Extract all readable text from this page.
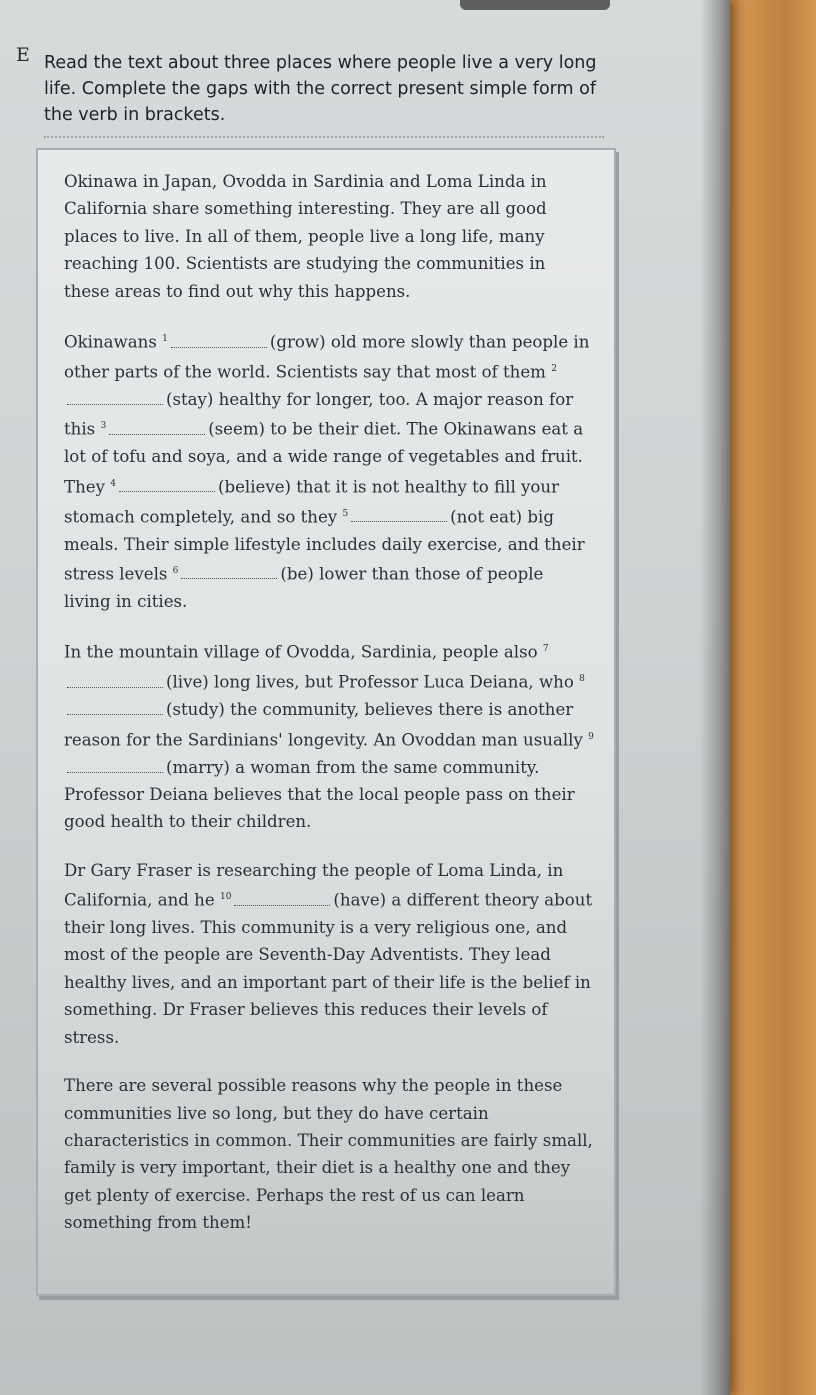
E Read the text about three places where people live a very long life. Complete the gaps with the correct present simple form of the verb in brackets.

Okinawa in Japan, Ovodda in Sardinia and Loma Linda in California share something interesting. They are all good places to live. In all of them, people live a long life, many reaching 100. Scientists are studying the communities in these areas to find out why this happens.

Okinawans $^1$	(grow) old more slowly than people in other parts of the world. Scientists say that most of them $^2$(stay) healthy for longer, too. A major reason for this $^3$	(seem) to be their diet. The Okinawans eat a lot of tofu and soya, and a wide range of vegetables and fruit. They $^4$	(believe) that it is not healthy to fill your stomach completely, and so they $^5$	(not eat) big meals. Their simple lifestyle includes daily exercise, and their stress levels $^6$	(be) lower than those of people living in cities.

In the mountain village of Ovodda, Sardinia, people also $^7$(live) long lives, but Professor Luca Deiana, who $^8$(study) the community, believes there is another reason for the Sardinians' longevity. An Ovoddan man usually $^9$(marry) a woman from the same community. Professor Deiana believes that the local people pass on their good health to their children.

Dr Gary Fraser is researching the people of Loma Linda, in California, and he $^{10}$	(have) a different theory about their long lives. This community is a very religious one, and most of the people are Seventh-Day Adventists. They lead healthy lives, and an important part of their life is the belief in something. Dr Fraser believes this reduces their levels of stress.

There are several possible reasons why the people in these communities live so long, but they do have certain characteristics in common. Their communities are fairly small, family is very important, their diet is a healthy one and they get plenty of exercise. Perhaps the rest of us can learn something from them!
